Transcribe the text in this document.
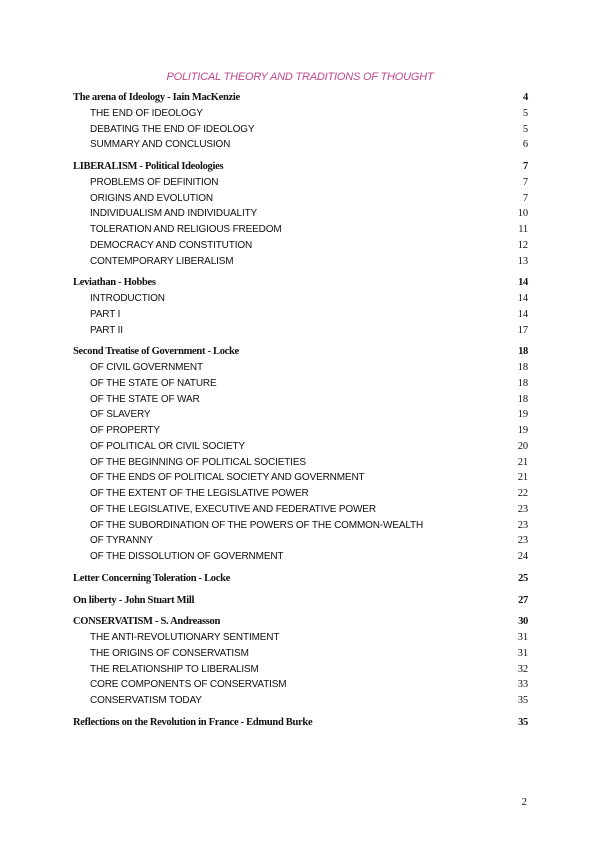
POLITICAL THEORY AND TRADITIONS OF THOUGHT
The arena of Ideology - Iain MacKenzie	4
THE END OF IDEOLOGY	5
DEBATING THE END OF IDEOLOGY	5
SUMMARY AND CONCLUSION	6
LIBERALISM - Political Ideologies	7
PROBLEMS OF DEFINITION	7
ORIGINS AND EVOLUTION	7
INDIVIDUALISM AND INDIVIDUALITY	10
TOLERATION AND RELIGIOUS FREEDOM	11
DEMOCRACY AND CONSTITUTION	12
CONTEMPORARY LIBERALISM	13
Leviathan - Hobbes	14
INTRODUCTION	14
PART I	14
PART II	17
Second Treatise of Government - Locke	18
OF CIVIL GOVERNMENT	18
OF THE STATE OF NATURE	18
OF THE STATE OF WAR	18
OF SLAVERY	19
OF PROPERTY	19
OF POLITICAL OR CIVIL SOCIETY	20
OF THE BEGINNING OF POLITICAL SOCIETIES	21
OF THE ENDS OF POLITICAL SOCIETY AND GOVERNMENT	21
OF THE EXTENT OF THE LEGISLATIVE POWER	22
OF THE LEGISLATIVE, EXECUTIVE AND FEDERATIVE POWER	23
OF THE SUBORDINATION OF THE POWERS OF THE COMMON-WEALTH	23
OF TYRANNY	23
OF THE DISSOLUTION OF GOVERNMENT	24
Letter Concerning Toleration - Locke	25
On liberty - John Stuart Mill	27
CONSERVATISM - S. Andreasson	30
THE ANTI-REVOLUTIONARY SENTIMENT	31
THE ORIGINS OF CONSERVATISM	31
THE RELATIONSHIP TO LIBERALISM	32
CORE COMPONENTS OF CONSERVATISM	33
CONSERVATISM TODAY	35
Reflections on the Revolution in France - Edmund Burke	35
2
